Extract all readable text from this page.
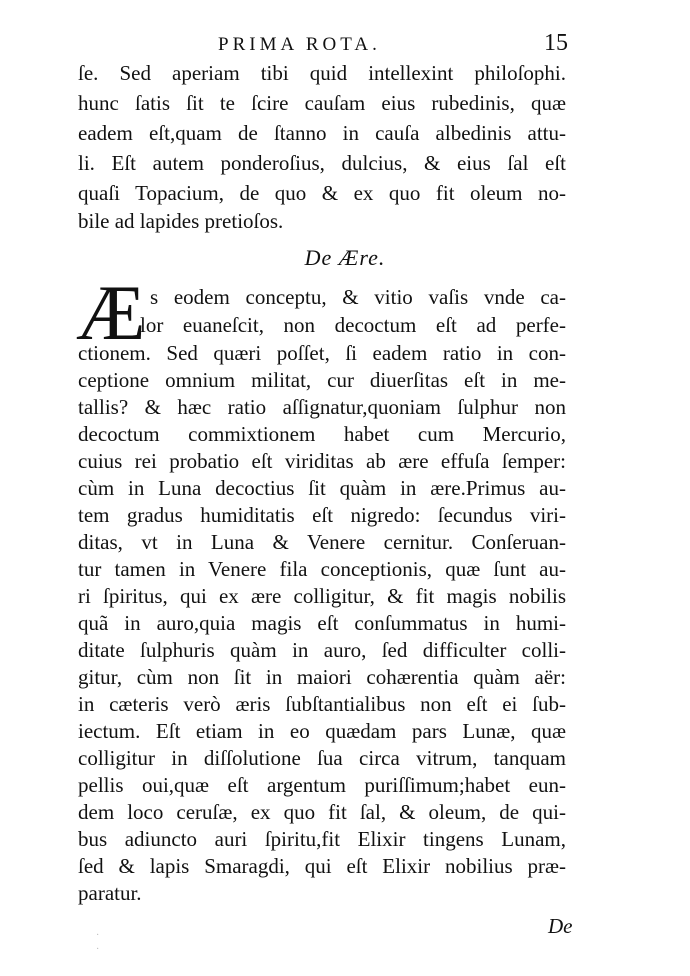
PRIMA ROTA.	15
ſe. Sed aperiam tibi quid intellexint philoſophi.
hunc ſatis ſit te ſcire cauſam eius rubedinis, quæ
eadem eſt,quam de ſtanno in cauſa albedinis attu-
li. Eſt autem ponderoſius, dulcius, & eius ſal eſt
quaſi Topacium, de quo & ex quo fit oleum no-
bile ad lapides pretioſos.
De Ære.
Æ s eodem conceptu, & vitio vaſis vnde ca-
lor euaneſcit, non decoctum eſt ad perfe-
ctionem. Sed quæri poſſet, ſi eadem ratio in con-
ceptione omnium militat, cur diuerſitas eſt in me-
tallis? & hæc ratio aſſignatur,quoniam ſulphur non
decoctum commixtionem habet cum Mercurio,
cuius rei probatio eſt viriditas ab ære effuſa ſemper:
cùm in Luna decoctius ſit quàm in ære.Primus au-
tem gradus humiditatis eſt nigredo: ſecundus viri-
ditas, vt in Luna & Venere cernitur. Conſeruan-
tur tamen in Venere fila conceptionis, quæ ſunt au-
ri ſpiritus, qui ex ære colligitur, & fit magis nobilis
quã in auro,quia magis eſt conſummatus in humi-
ditate ſulphuris quàm in auro, ſed difficulter colli-
gitur, cùm non ſit in maiori cohærentia quàm aër:
in cæteris verò æris ſubſtantialibus non eſt ei ſub-
iectum. Eſt etiam in eo quædam pars Lunæ, quæ
colligitur in diſſolutione ſua circa vitrum, tanquam
pellis oui,quæ eſt argentum puriſſimum;habet eun-
dem loco ceruſæ, ex quo fit ſal, & oleum, de qui-
bus adiuncto auri ſpiritu,fit Elixir tingens Lunam,
ſed & lapis Smaragdi, qui eſt Elixir nobilius præ-
paratur.
De
·
·
